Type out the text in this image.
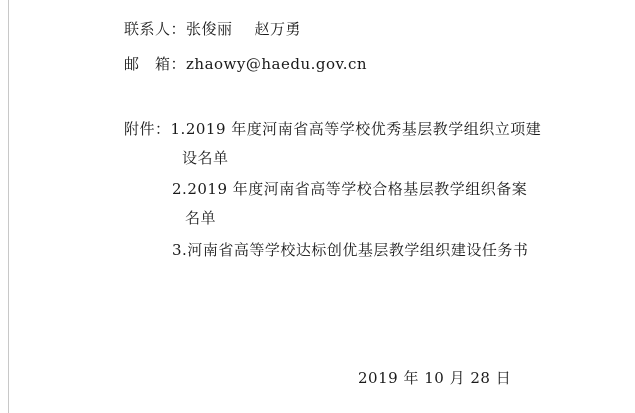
联系人：张俊丽 赵万勇
邮　箱：zhaowy@haedu.gov.cn
附件：1.2019 年度河南省高等学校优秀基层教学组织立项建
设名单
2.2019 年度河南省高等学校合格基层教学组织备案
名单
3.河南省高等学校达标创优基层教学组织建设任务书
2019 年 10 月 28 日
